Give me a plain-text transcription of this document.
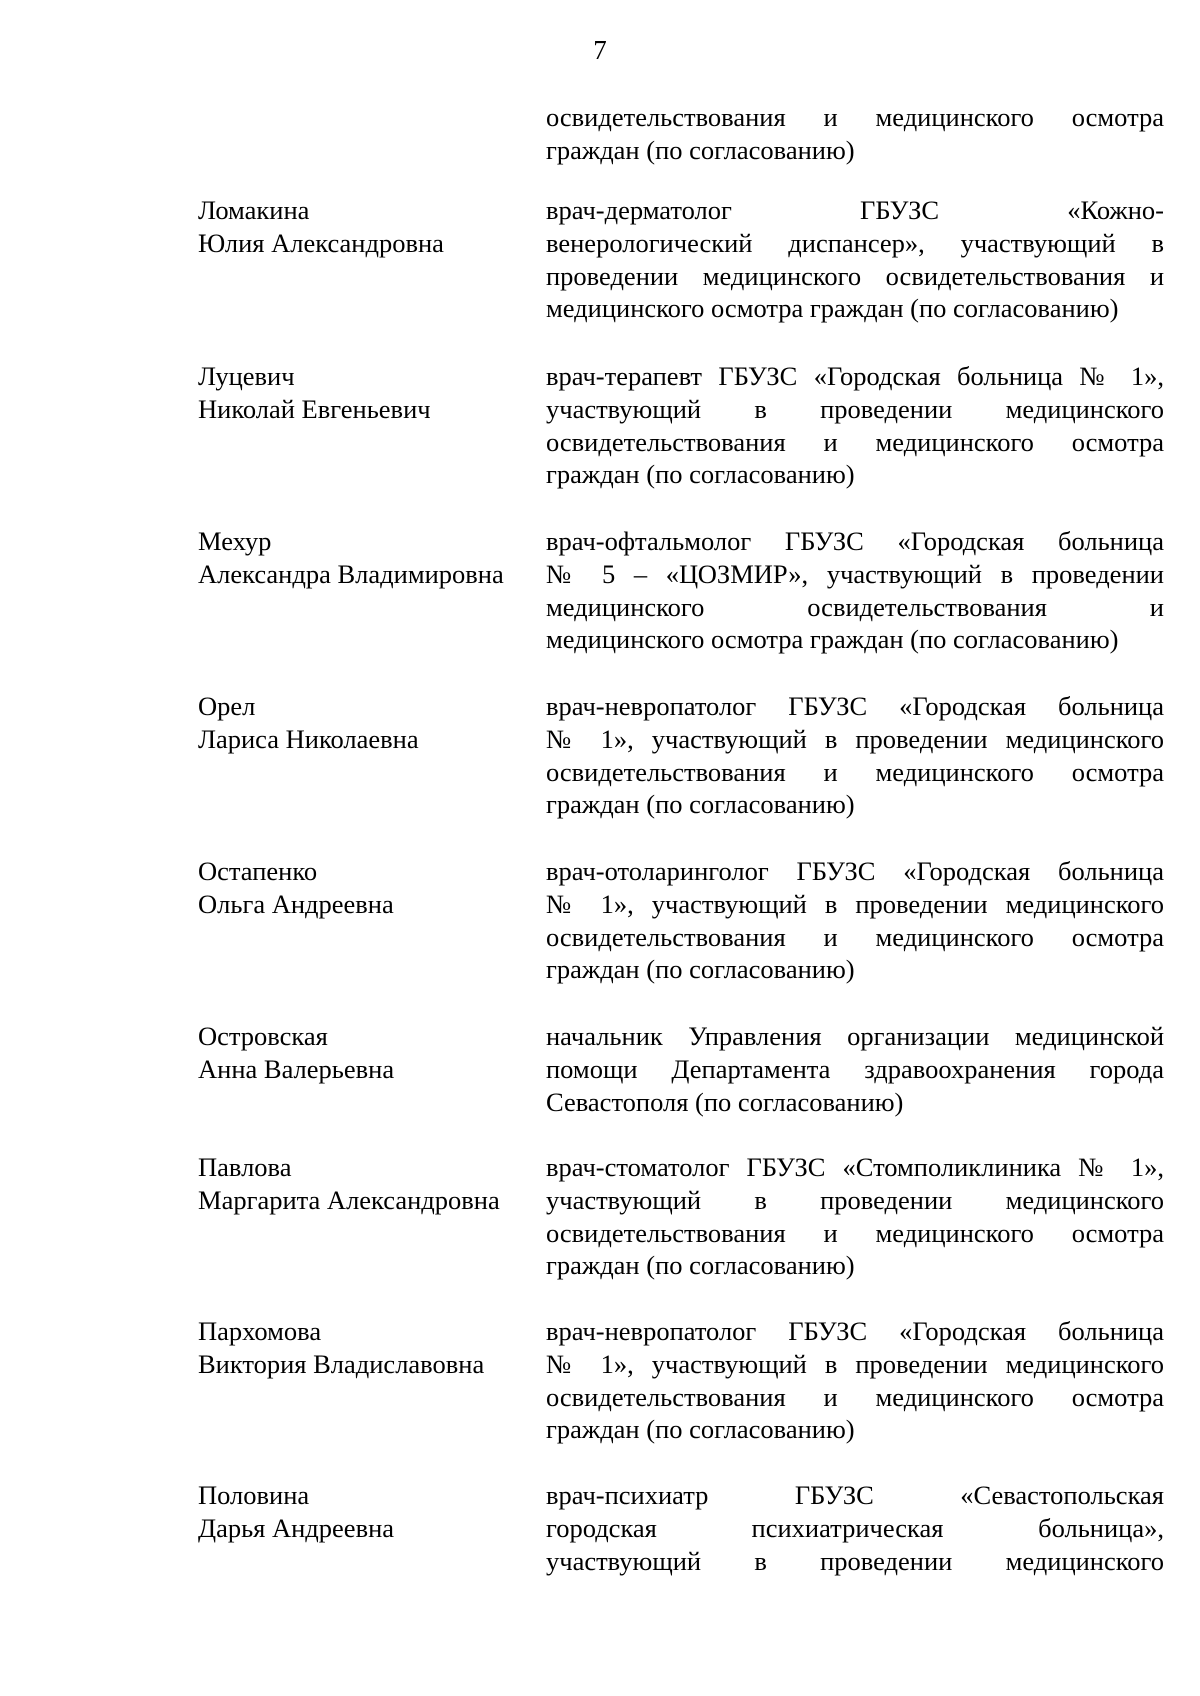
7
освидетельствования и медицинского осмотра
граждан (по согласованию)
Ломакина
Юлия Александровна
врач-дерматолог ГБУЗС «Кожно-
венерологический диспансер», участвующий в
проведении медицинского освидетельствования и
медицинского осмотра граждан (по согласованию)
Луцевич
Николай Евгеньевич
врач-терапевт ГБУЗС «Городская больница № 1»,
участвующий в проведении медицинского
освидетельствования и медицинского осмотра
граждан (по согласованию)
Мехур
Александра Владимировна
врач-офтальмолог ГБУЗС «Городская больница
№ 5 – «ЦОЗМИР», участвующий в проведении
медицинского освидетельствования и
медицинского осмотра граждан (по согласованию)
Орел
Лариса Николаевна
врач-невропатолог ГБУЗС «Городская больница
№ 1», участвующий в проведении медицинского
освидетельствования и медицинского осмотра
граждан (по согласованию)
Остапенко
Ольга Андреевна
врач-отоларинголог ГБУЗС «Городская больница
№ 1», участвующий в проведении медицинского
освидетельствования и медицинского осмотра
граждан (по согласованию)
Островская
Анна Валерьевна
начальник Управления организации медицинской
помощи Департамента здравоохранения города
Севастополя (по согласованию)
Павлова
Маргарита Александровна
врач-стоматолог ГБУЗС «Стомполиклиника № 1»,
участвующий в проведении медицинского
освидетельствования и медицинского осмотра
граждан (по согласованию)
Пархомова
Виктория Владиславовна
врач-невропатолог ГБУЗС «Городская больница
№ 1», участвующий в проведении медицинского
освидетельствования и медицинского осмотра
граждан (по согласованию)
Половина
Дарья Андреевна
врач-психиатр ГБУЗС «Севастопольская
городская психиатрическая больница»,
участвующий в проведении медицинского
